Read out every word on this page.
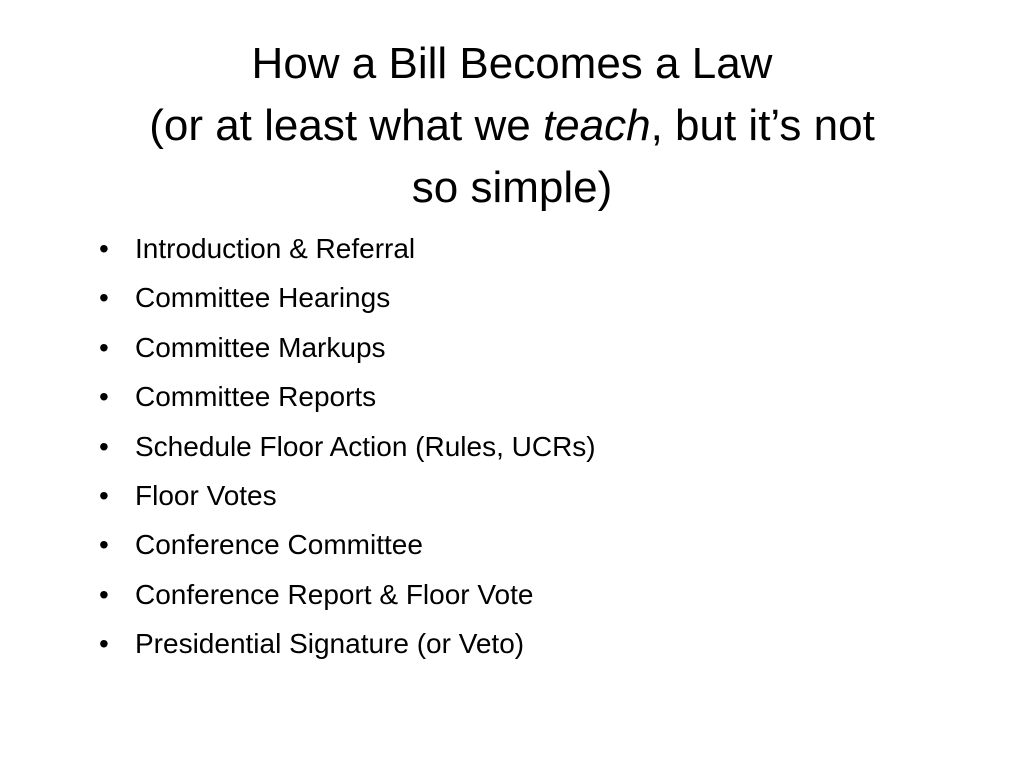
How a Bill Becomes a Law
(or at least what we teach, but it’s not
so simple)
• Introduction & Referral
• Committee Hearings
• Committee Markups
• Committee Reports
• Schedule Floor Action (Rules, UCRs)
• Floor Votes
• Conference Committee
• Conference Report & Floor Vote
• Presidential Signature (or Veto)
